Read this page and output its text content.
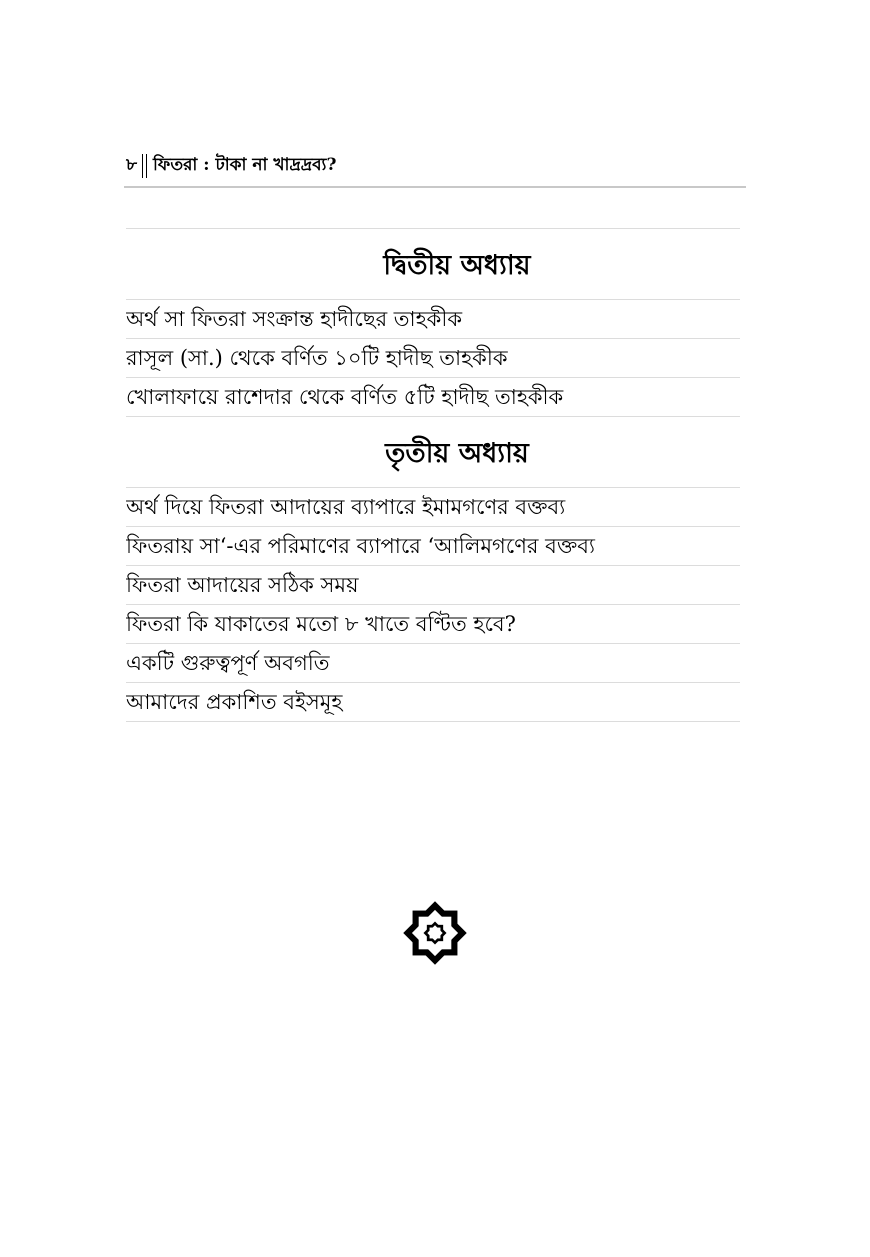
৮ ফিতরা : টাকা না খাদ্রদ্রব্য?
দ্বিতীয় অধ্যায়
অর্থ সা ফিতরা সংক্রান্ত হাদীছের তাহকীক
রাসূল (সা.) থেকে বর্ণিত ১০টি হাদীছ তাহকীক
খোলাফায়ে রাশেদার থেকে বর্ণিত ৫টি হাদীছ তাহকীক
তৃতীয় অধ্যায়
অর্থ দিয়ে ফিতরা আদায়ের ব্যাপারে ইমামগণের বক্তব্য
ফিতরায় সা‘-এর পরিমাণের ব্যাপারে ‘আলিমগণের বক্তব্য
ফিতরা আদায়ের সঠিক সময়
ফিতরা কি যাকাতের মতো ৮ খাতে বণ্টিত হবে?
একটি গুরুত্বপূর্ণ অবগতি
আমাদের প্রকাশিত বইসমূহ
